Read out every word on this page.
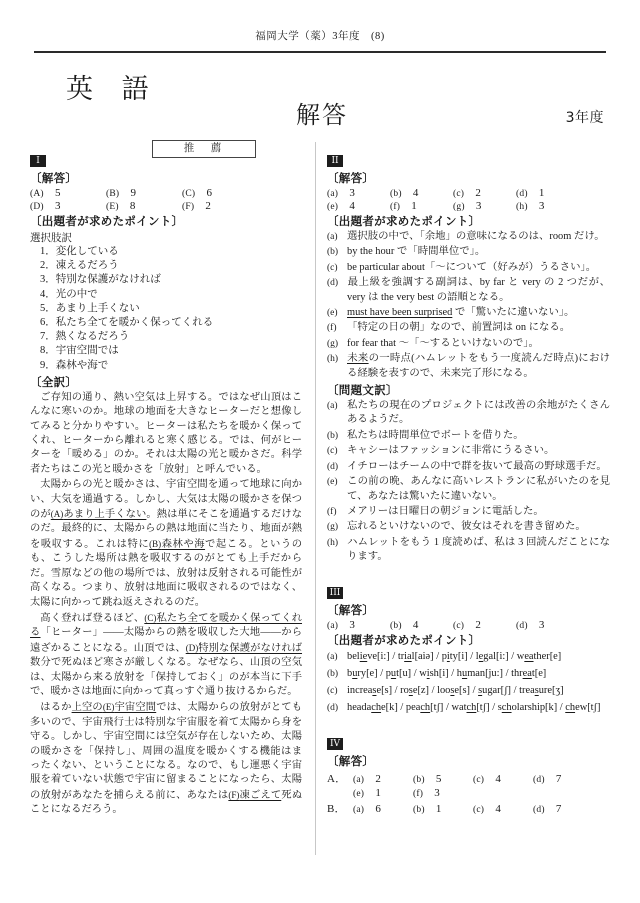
福岡大学（薬）3年度　(8)
英 語
解答	3年度
推 薦
I
〔解答〕
(A) 5	(B) 9	(C) 6
(D) 3	(E) 8	(F) 2
〔出題者が求めたポイント〕
選択肢訳
1．変化している
2．凍えるだろう
3．特別な保護がなければ
4．光の中で
5．あまり上手くない
6．私たち全てを暖かく保ってくれる
7．熱くなるだろう
8．宇宙空間では
9．森林や海で
〔全訳〕

ご存知の通り、熱い空気は上昇する。ではなぜ山頂はこんなに寒いのか。地球の地面を大きなヒーターだと想像してみると分かりやすい。ヒーターは私たちを暖かく保ってくれ、ヒーターから離れると寒く感じる。では、何がヒーターを「暖める」のか。それは太陽の光と暖かさだ。科学者たちはこの光と暖かさを「放射」と呼んでいる。

太陽からの光と暖かさは、宇宙空間を通って地球に向かい、大気を通過する。しかし、大気は太陽の暖かさを保つのが(A)あまり上手くない。熱は単にそこを通過するだけなのだ。最終的に、太陽からの熱は地面に当たり、地面が熱を吸収する。これは特に(B)森林や海で起こる。というのも、こうした場所は熱を吸収するのがとても上手だからだ。雪原などの他の場所では、放射は反射される可能性が高くなる。つまり、放射は地面に吸収されるのではなく、太陽に向かって跳ね返えされるのだ。

高く登れば登るほど、(C)私たち全てを暖かく保ってくれる「ヒーター」——太陽からの熱を吸収した大地——から遠ざかることになる。山頂では、(D)特別な保護がなければ数分で死ぬほど寒さが厳しくなる。なぜなら、山頂の空気は、太陽から来る放射を「保持しておく」のが本当に下手で、暖かさは地面に向かって真っすぐ通り抜けるからだ。

はるか上空の(E)宇宙空間では、太陽からの放射がとても多いので、宇宙飛行士は特別な宇宙服を着て太陽から身を守る。しかし、宇宙空間には空気が存在しないため、太陽の暖かさを「保持し」、周囲の温度を暖かくする機能はまったくない、ということになる。なので、もし運悪く宇宙服を着ていない状態で宇宙に留まることになったら、太陽の放射があなたを捕らえる前に、あなたは(F)凍ごえて死ぬことになるだろう。

II
〔解答〕
(a) 3	(b) 4	(c) 2	(d) 1
(e) 4	(f) 1	(g) 3	(h) 3
〔出題者が求めたポイント〕
(a) 選択肢の中で、「余地」の意味になるのは、room だけ。
(b) by the hour で「時間単位で」。
(c) be particular about「〜について（好みが）うるさい」。
(d) 最上級を強調する副詞は、by far と very の 2 つだが、very は the very best の語順となる。
(e) must have been surprised で「驚いたに違いない」。
(f) 「特定の日の朝」なので、前置詞は on になる。
(g) for fear that 〜「〜するといけないので」。
(h) 未来の一時点(ハムレットをもう一度読んだ時点)における経験を表すので、未来完了形になる。
〔問題文訳〕
(a) 私たちの現在のプロジェクトには改善の余地がたくさんあるようだ。
(b) 私たちは時間単位でボートを借りた。
(c) キャシーはファッションに非常にうるさい。
(d) イチローはチームの中で群を抜いて最高の野球選手だ。
(e) この前の晩、あんなに高いレストランに私がいたのを見て、あなたは驚いたに違いない。
(f) メアリーは日曜日の朝ジョンに電話した。
(g) 忘れるといけないので、彼女はそれを書き留めた。
(h) ハムレットをもう 1 度読めば、私は 3 回読んだことになります。
III
〔解答〕
(a) 3	(b) 4	(c) 2	(d) 3
〔出題者が求めたポイント〕
(a) believe[i:] / trial[aiə] / pity[i] / legal[i:] / weather[e]
(b) bury[e] / put[u] / wish[i] / human[ju:] / threat[e]
(c) increase[s] / rose[z] / loose[s] / sugar[ʃ] / treasure[ʒ]
(d) headache[k] / peach[tʃ] / watch[tʃ] / scholarship[k] / chew[tʃ]
IV
〔解答〕
A． (a) 2	(b) 5	(c) 4	(d) 7
(e) 1	(f) 3
B． (a) 6	(b) 1	(c) 4	(d) 7
